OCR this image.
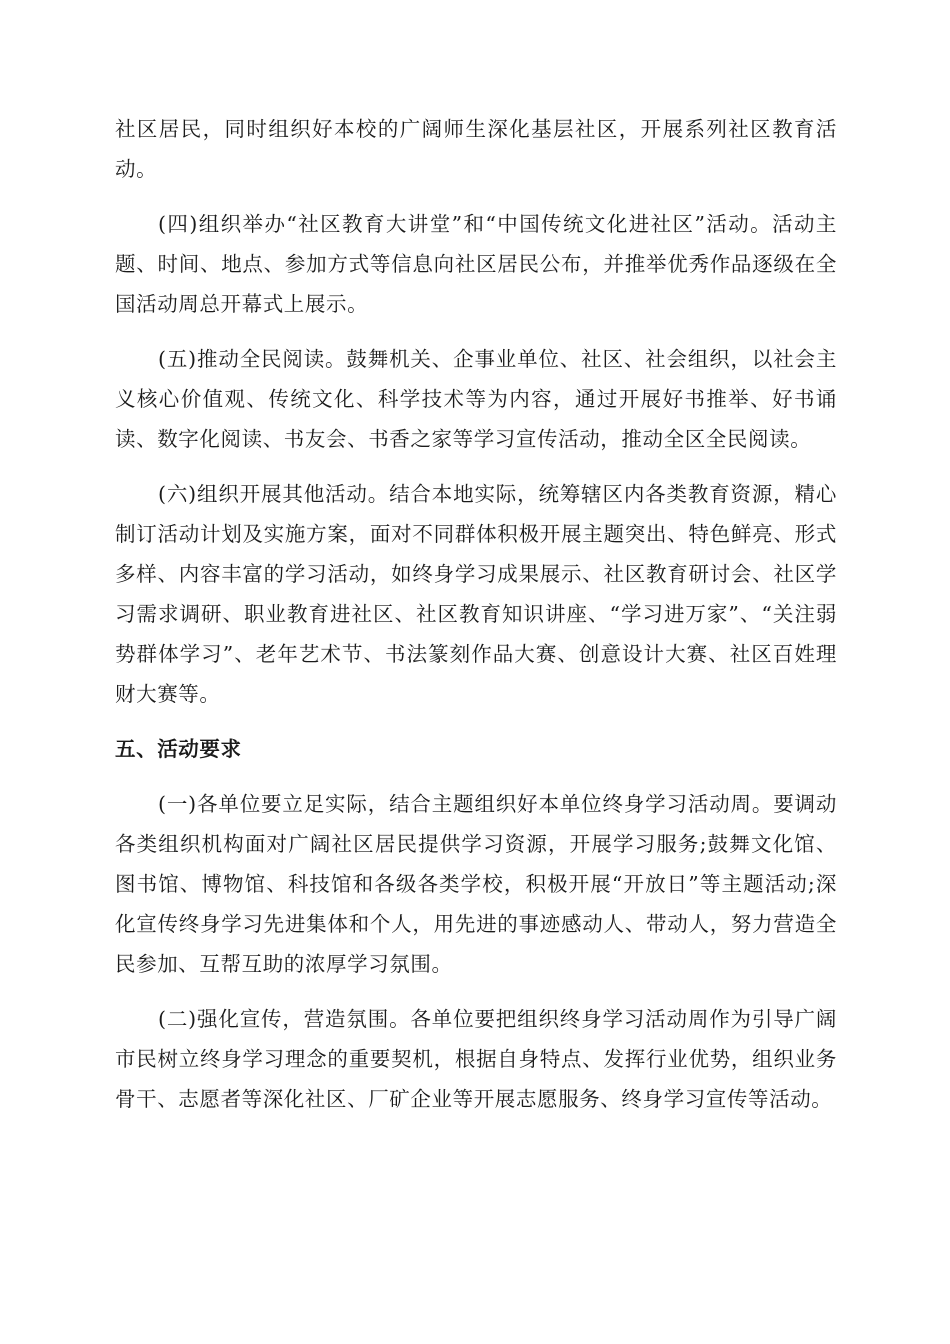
社区居民，同时组织好本校的广阔师生深化基层社区，开展系列社区教育活动。

(四)组织举办“社区教育大讲堂”和“中国传统文化进社区”活动。活动主题、时间、地点、参加方式等信息向社区居民公布，并推举优秀作品逐级在全国活动周总开幕式上展示。

(五)推动全民阅读。鼓舞机关、企事业单位、社区、社会组织，以社会主义核心价值观、传统文化、科学技术等为内容，通过开展好书推举、好书诵读、数字化阅读、书友会、书香之家等学习宣传活动，推动全区全民阅读。

(六)组织开展其他活动。结合本地实际，统筹辖区内各类教育资源，精心制订活动计划及实施方案，面对不同群体积极开展主题突出、特色鲜亮、形式多样、内容丰富的学习活动，如终身学习成果展示、社区教育研讨会、社区学习需求调研、职业教育进社区、社区教育知识讲座、“学习进万家”、“关注弱势群体学习”、老年艺术节、书法篆刻作品大赛、创意设计大赛、社区百姓理财大赛等。

五、活动要求

(一)各单位要立足实际，结合主题组织好本单位终身学习活动周。要调动各类组织机构面对广阔社区居民提供学习资源，开展学习服务;鼓舞文化馆、图书馆、博物馆、科技馆和各级各类学校，积极开展“开放日”等主题活动;深化宣传终身学习先进集体和个人，用先进的事迹感动人、带动人，努力营造全民参加、互帮互助的浓厚学习氛围。

(二)强化宣传，营造氛围。各单位要把组织终身学习活动周作为引导广阔市民树立终身学习理念的重要契机，根据自身特点、发挥行业优势，组织业务骨干、志愿者等深化社区、厂矿企业等开展志愿服务、终身学习宣传等活动。
